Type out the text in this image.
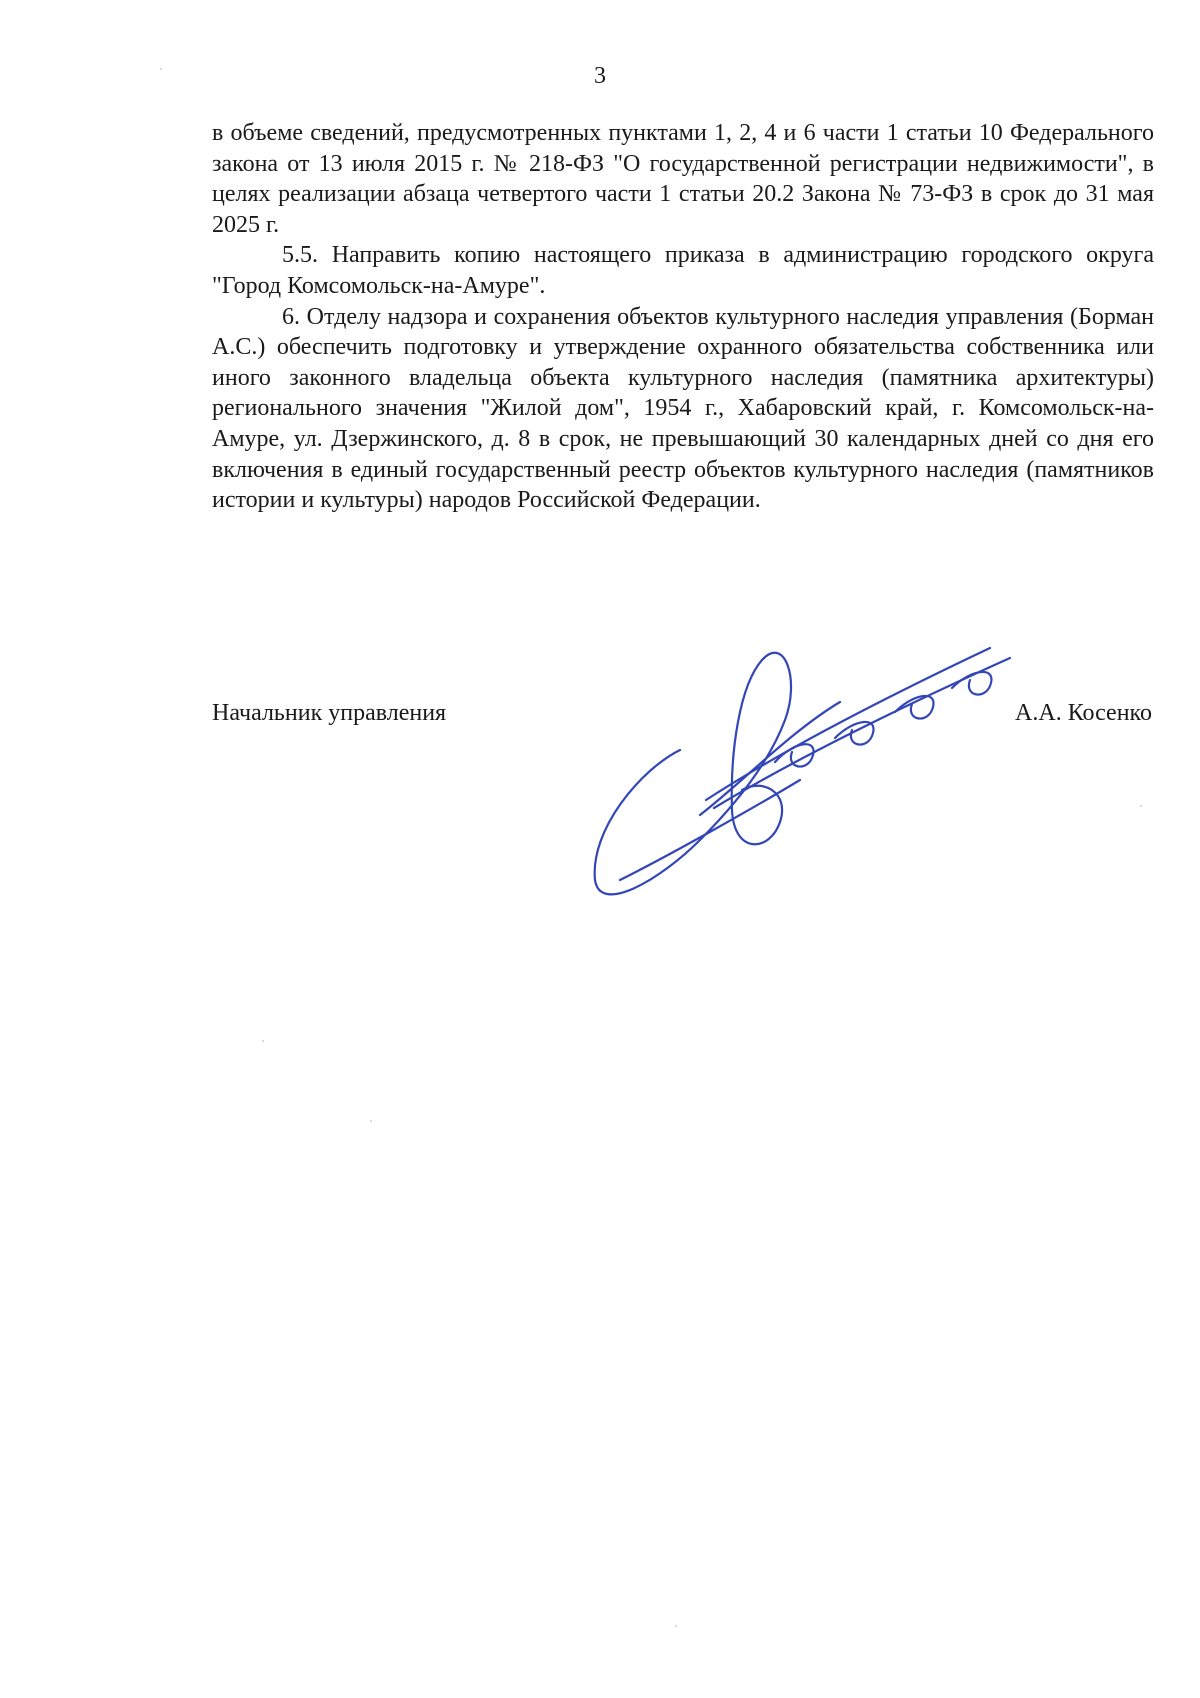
3

в объеме сведений, предусмотренных пунктами 1, 2, 4 и 6 части 1 статьи 10 Федерального закона от 13 июля 2015 г. № 218-ФЗ "О государственной регистрации недвижимости", в целях реализации абзаца четвертого части 1 статьи 20.2 Закона № 73-ФЗ в срок до 31 мая 2025 г.

5.5. Направить копию настоящего приказа в администрацию городского округа "Город Комсомольск-на-Амуре".

6. Отделу надзора и сохранения объектов культурного наследия управления (Борман А.С.) обеспечить подготовку и утверждение охранного обязательства собственника или иного законного владельца объекта культурного наследия (памятника архитектуры) регионального значения "Жилой дом", 1954 г., Хабаровский край, г. Комсомольск-на-Амуре, ул. Дзержинского, д. 8 в срок, не превышающий 30 календарных дней со дня его включения в единый государственный реестр объектов культурного наследия (памятников истории и культуры) народов Российской Федерации.

Начальник управления	А.А. Косенко
